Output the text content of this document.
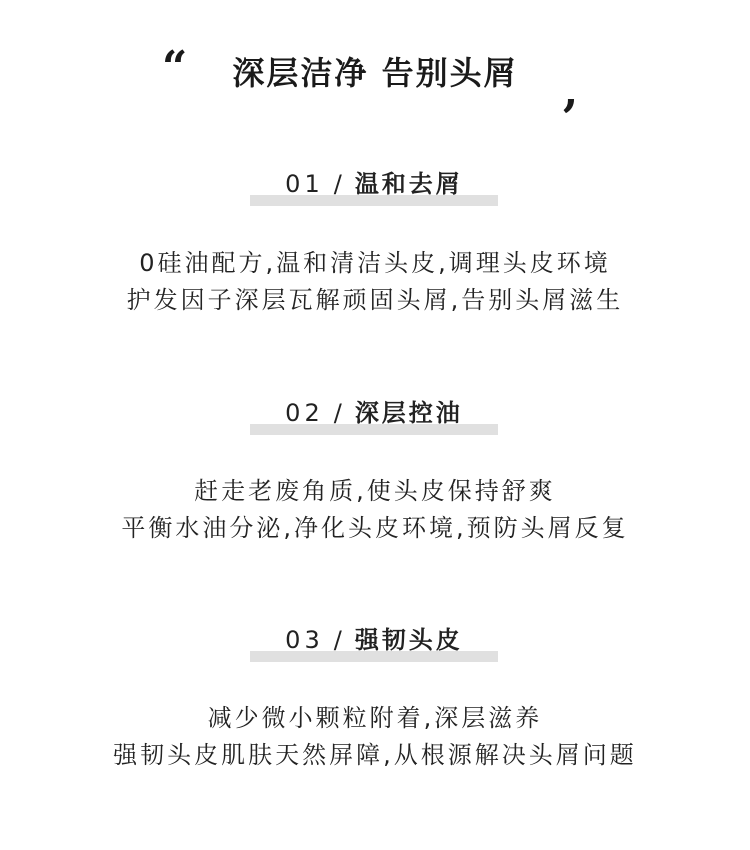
“	深层洁净 告别头屑	,
01 / 温和去屑
0硅油配方,温和清洁头皮,调理头皮环境
护发因子深层瓦解顽固头屑,告别头屑滋生
02 / 深层控油
赶走老废角质,使头皮保持舒爽
平衡水油分泌,净化头皮环境,预防头屑反复
03 / 强韧头皮
减少微小颗粒附着,深层滋养
强韧头皮肌肤天然屏障,从根源解决头屑问题
